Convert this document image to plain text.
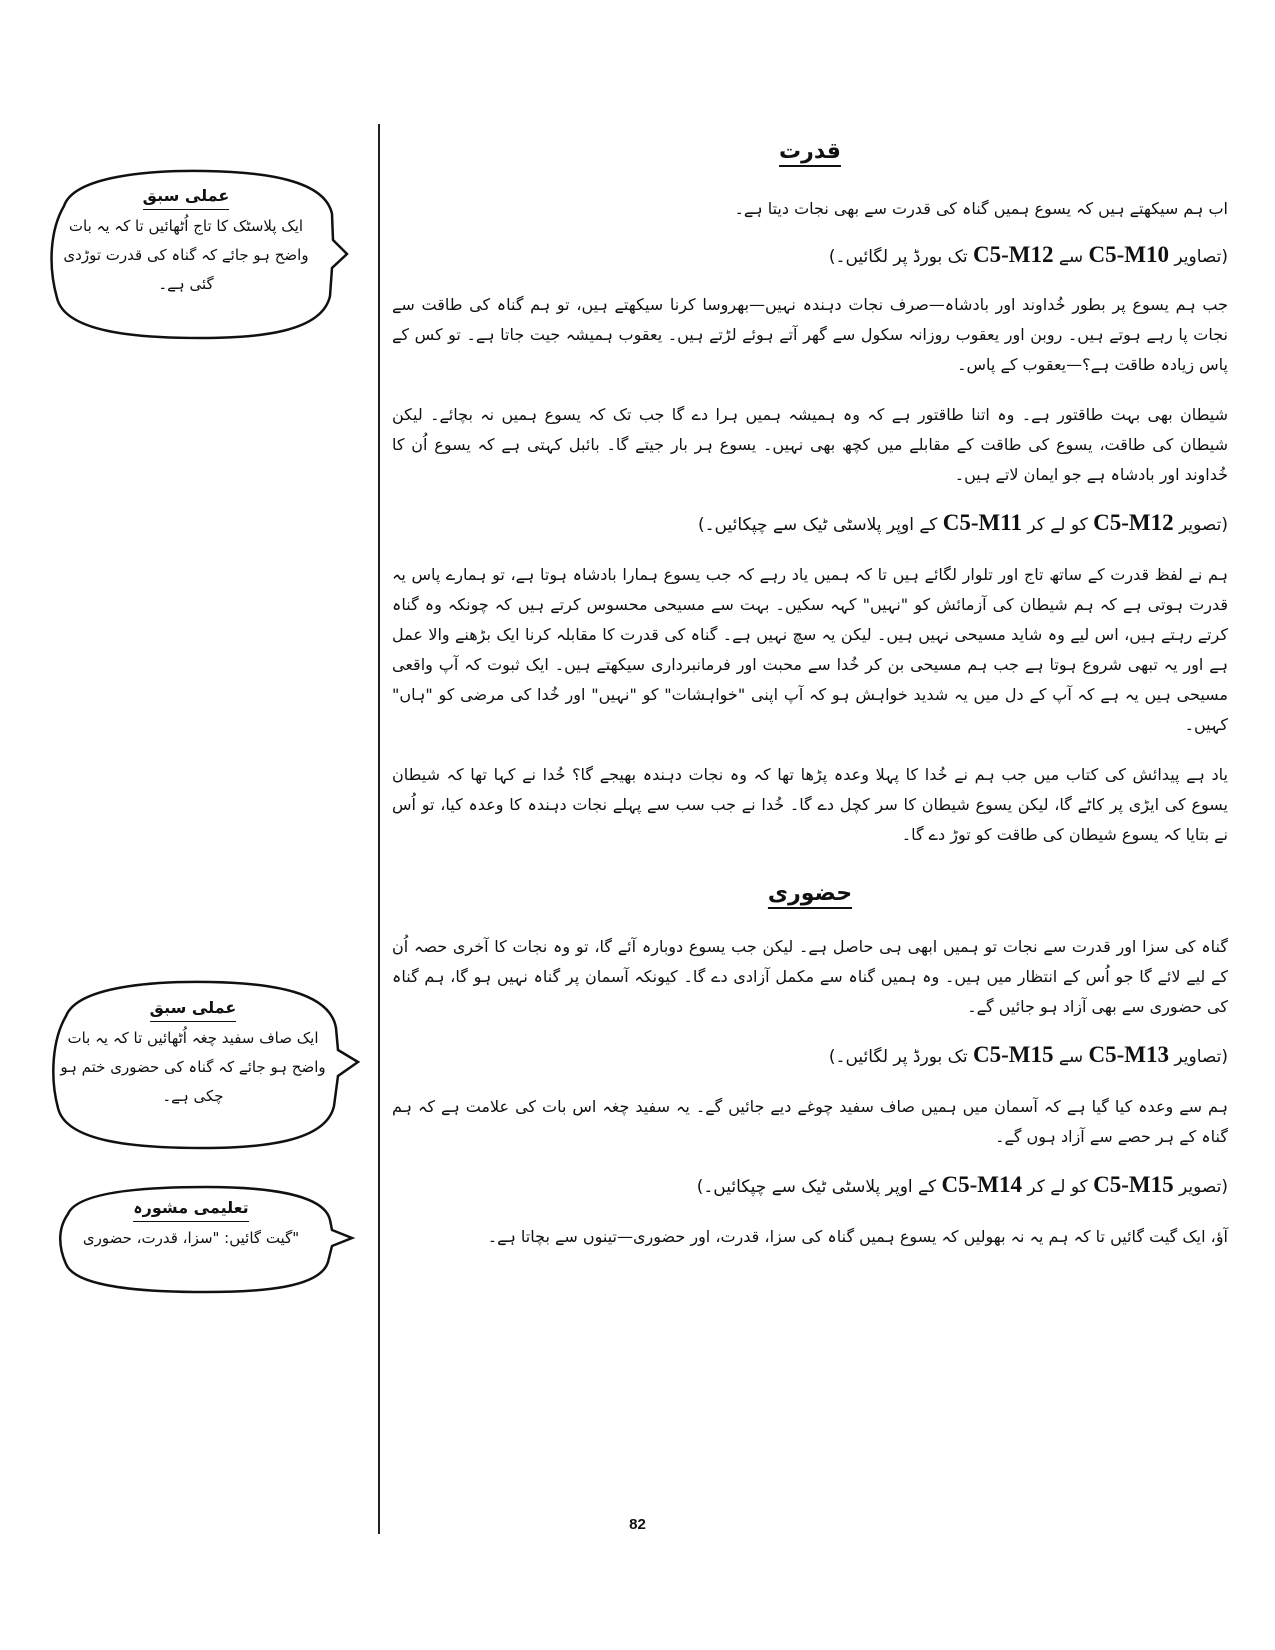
عملی سبق
ایک پلاسٹک کا تاج اُٹھائیں تا کہ یہ بات واضح ہو جائے کہ گناہ کی قدرت توڑدی گئی ہے۔
عملی سبق
ایک صاف سفید چغہ اُٹھائیں تا کہ یہ بات واضح ہو جائے کہ گناہ کی حضوری ختم ہو چکی ہے۔
تعلیمی مشورہ
"گیت گائیں: "سزا، قدرت، حضوری
قدرت

اب ہم سیکھتے ہیں کہ یسوع ہمیں گناہ کی قدرت سے بھی نجات دیتا ہے۔

(تصاویر C5-M10 سے C5-M12 تک بورڈ پر لگائیں۔)

جب ہم یسوع پر بطور خُداوند اور بادشاہ—صرف نجات دہندہ نہیں—بھروسا کرنا سیکھتے ہیں، تو ہم گناہ کی طاقت سے نجات پا رہے ہوتے ہیں۔ روبن اور یعقوب روزانہ سکول سے گھر آتے ہوئے لڑتے ہیں۔ یعقوب ہمیشہ جیت جاتا ہے۔ تو کس کے پاس زیادہ طاقت ہے؟—یعقوب کے پاس۔

شیطان بھی بہت طاقتور ہے۔ وہ اتنا طاقتور ہے کہ وہ ہمیشہ ہمیں ہرا دے گا جب تک کہ یسوع ہمیں نہ بچائے۔ لیکن شیطان کی طاقت، یسوع کی طاقت کے مقابلے میں کچھ بھی نہیں۔ یسوع ہر بار جیتے گا۔ بائبل کہتی ہے کہ یسوع اُن کا خُداوند اور بادشاہ ہے جو ایمان لاتے ہیں۔

(تصویر C5-M12 کو لے کر C5-M11 کے اوپر پلاسٹی ٹیک سے چپکائیں۔)

ہم نے لفظ قدرت کے ساتھ تاج اور تلوار لگائے ہیں تا کہ ہمیں یاد رہے کہ جب یسوع ہمارا بادشاہ ہوتا ہے، تو ہمارے پاس یہ قدرت ہوتی ہے کہ ہم شیطان کی آزمائش کو "نہیں" کہہ سکیں۔ بہت سے مسیحی محسوس کرتے ہیں کہ چونکہ وہ گناہ کرتے رہتے ہیں، اس لیے وہ شاید مسیحی نہیں ہیں۔ لیکن یہ سچ نہیں ہے۔ گناہ کی قدرت کا مقابلہ کرنا ایک بڑھنے والا عمل ہے اور یہ تبھی شروع ہوتا ہے جب ہم مسیحی بن کر خُدا سے محبت اور فرمانبرداری سیکھتے ہیں۔ ایک ثبوت کہ آپ واقعی مسیحی ہیں یہ ہے کہ آپ کے دل میں یہ شدید خواہش ہو کہ آپ اپنی "خواہشات" کو "نہیں" اور خُدا کی مرضی کو "ہاں" کہیں۔

یاد ہے پیدائش کی کتاب میں جب ہم نے خُدا کا پہلا وعدہ پڑھا تھا کہ وہ نجات دہندہ بھیجے گا؟ خُدا نے کہا تھا کہ شیطان یسوع کی ایڑی پر کاٹے گا، لیکن یسوع شیطان کا سر کچل دے گا۔ خُدا نے جب سب سے پہلے نجات دہندہ کا وعدہ کیا، تو اُس نے بتایا کہ یسوع شیطان کی طاقت کو توڑ دے گا۔

حضوری

گناہ کی سزا اور قدرت سے نجات تو ہمیں ابھی ہی حاصل ہے۔ لیکن جب یسوع دوبارہ آئے گا، تو وہ نجات کا آخری حصہ اُن کے لیے لائے گا جو اُس کے انتظار میں ہیں۔ وہ ہمیں گناہ سے مکمل آزادی دے گا۔ کیونکہ آسمان پر گناہ نہیں ہو گا، ہم گناہ کی حضوری سے بھی آزاد ہو جائیں گے۔

(تصاویر C5-M13 سے C5-M15 تک بورڈ پر لگائیں۔)

ہم سے وعدہ کیا گیا ہے کہ آسمان میں ہمیں صاف سفید چوغے دیے جائیں گے۔ یہ سفید چغہ اس بات کی علامت ہے کہ ہم گناہ کے ہر حصے سے آزاد ہوں گے۔

(تصویر C5-M15 کو لے کر C5-M14 کے اوپر پلاسٹی ٹیک سے چپکائیں۔)

آؤ، ایک گیت گائیں تا کہ ہم یہ نہ بھولیں کہ یسوع ہمیں گناہ کی سزا، قدرت، اور حضوری—تینوں سے بچاتا ہے۔

82
